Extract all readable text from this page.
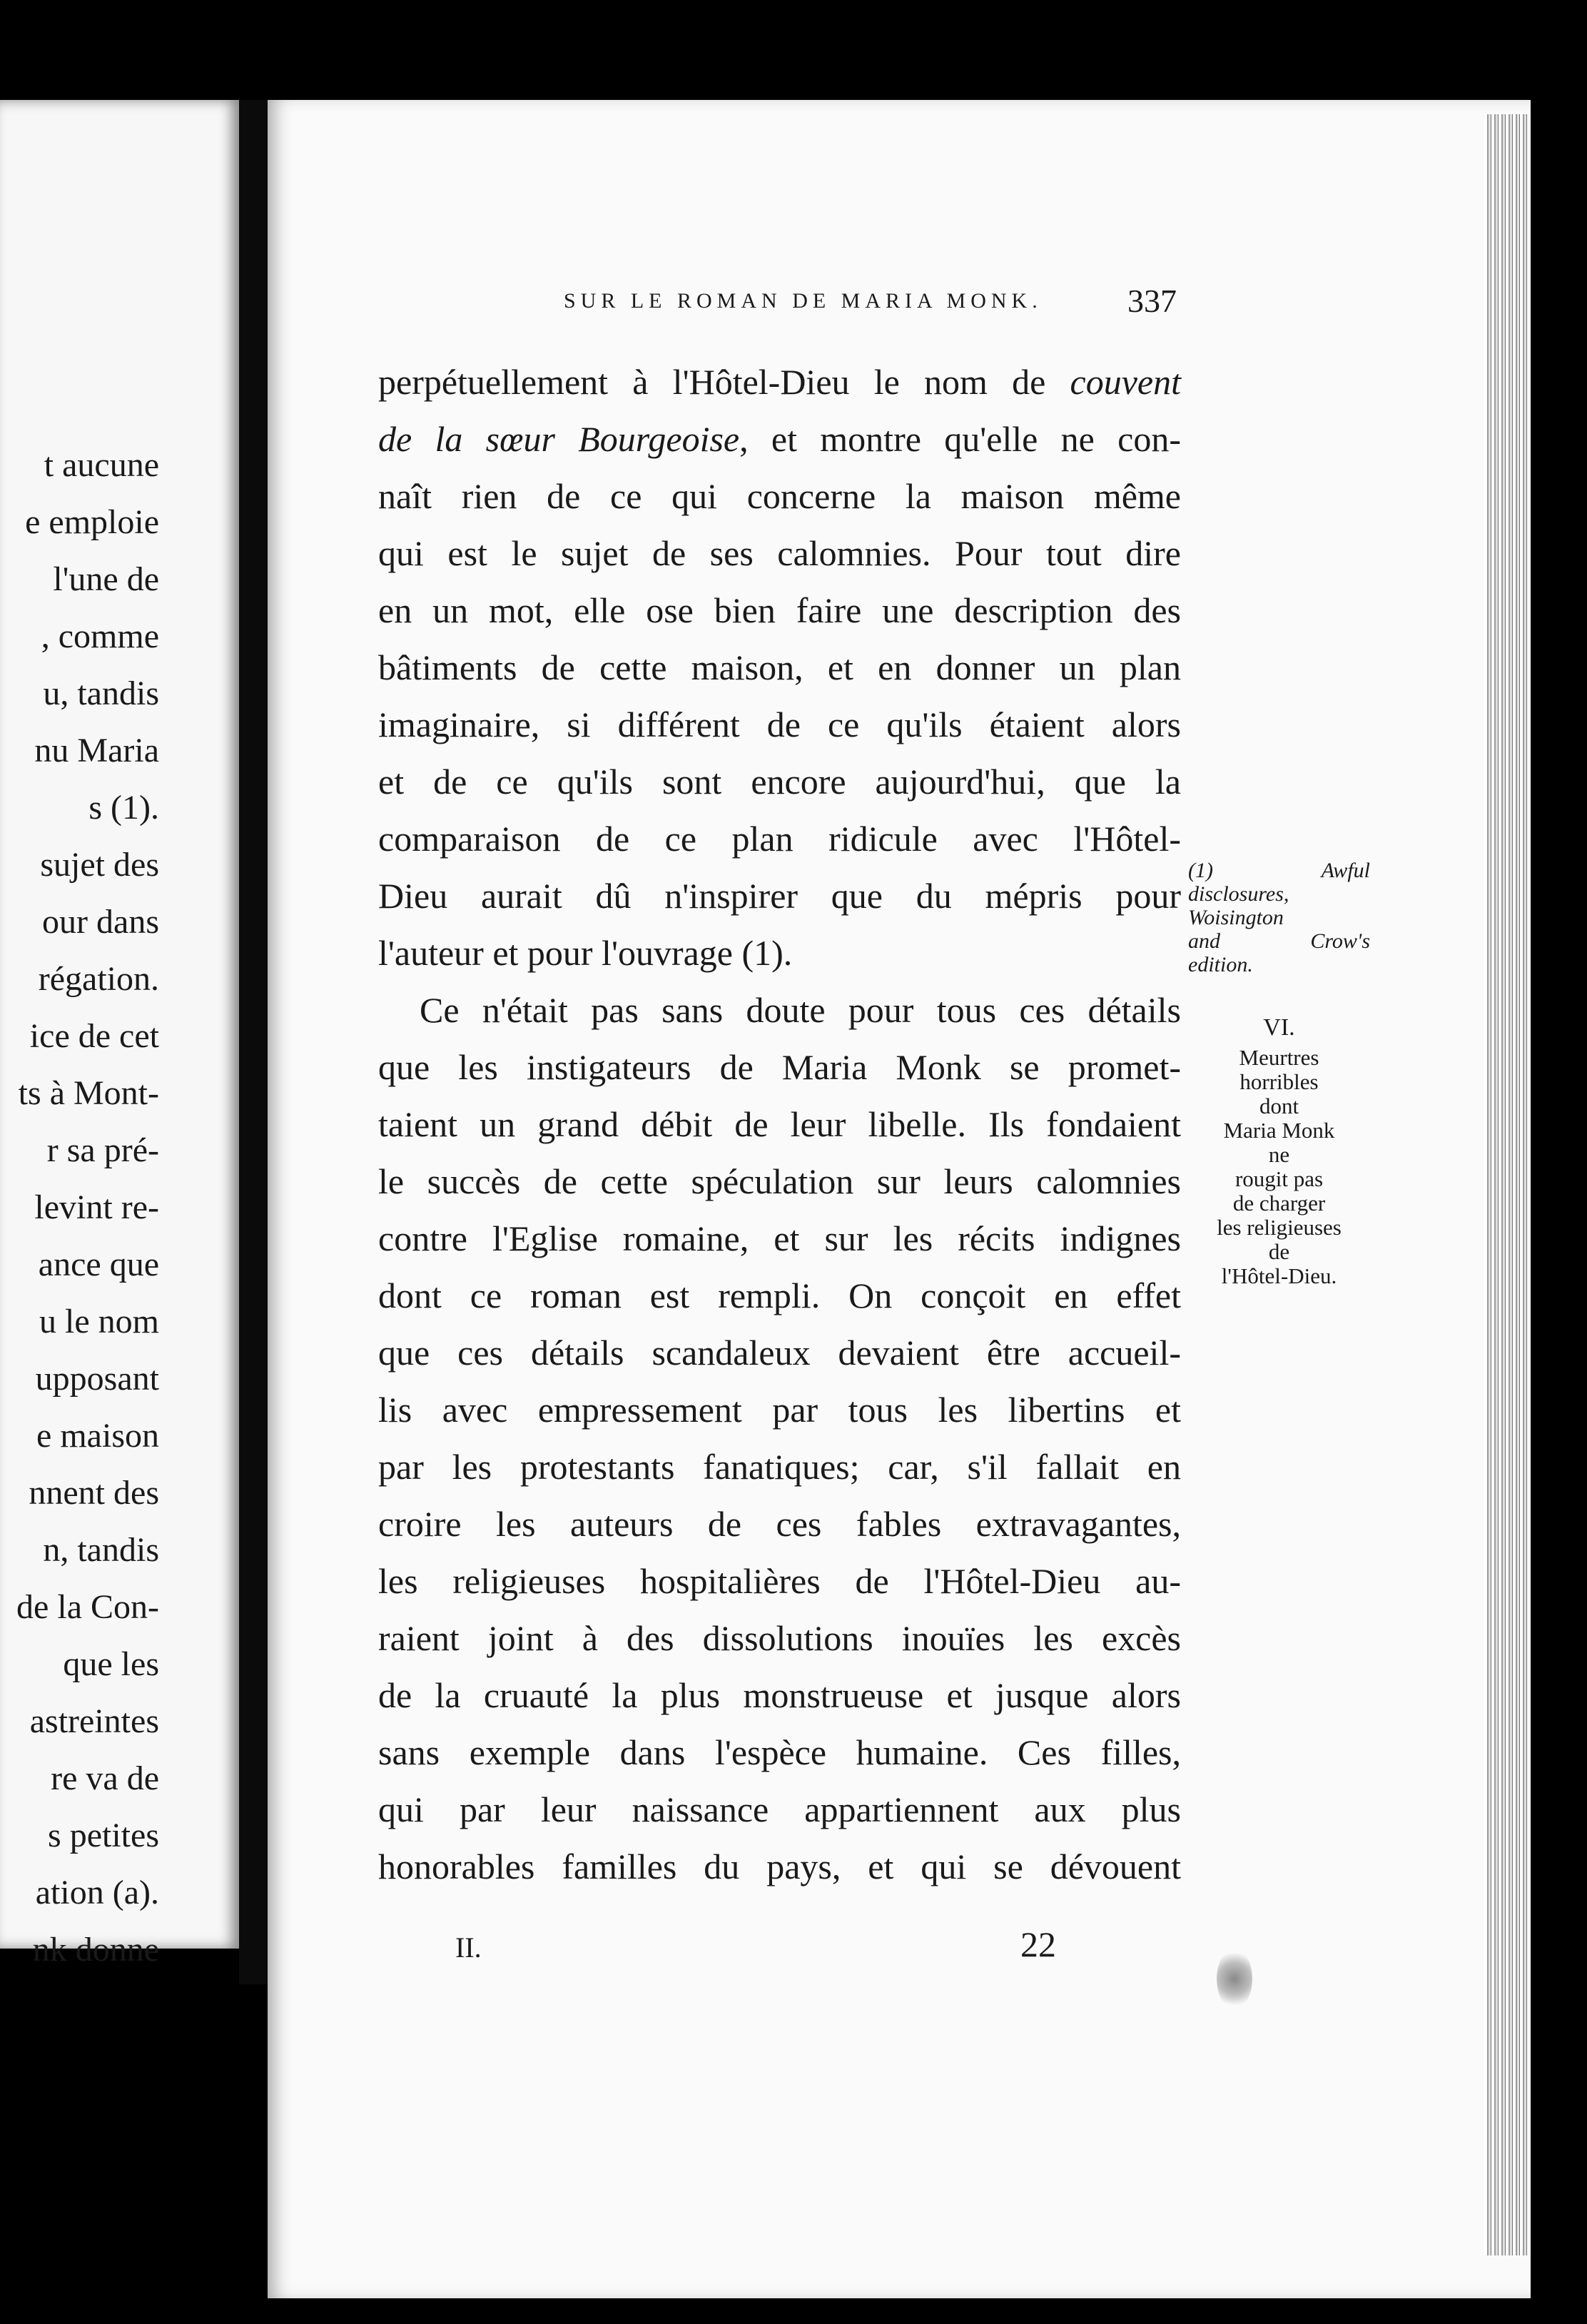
t aucune
e emploie
l'une de
, comme
u, tandis
nu Maria
s (1).
sujet des
our dans
régation.
ice de cet
ts à Mont-
r sa pré-
levint re-
ance que
u le nom
upposant
e maison
nnent des
n, tandis
de la Con-
que les
astreintes
re va de
s petites
ation (a).
nk donne
SUR LE ROMAN DE MARIA MONK.	337
perpétuellement à l'Hôtel-Dieu le nom de couvent
de la sœur Bourgeoise, et montre qu'elle ne con-
naît rien de ce qui concerne la maison même
qui est le sujet de ses calomnies. Pour tout dire
en un mot, elle ose bien faire une description des
bâtiments de cette maison, et en donner un plan
imaginaire, si différent de ce qu'ils étaient alors
et de ce qu'ils sont encore aujourd'hui, que la
comparaison de ce plan ridicule avec l'Hôtel-
Dieu aurait dû n'inspirer que du mépris pour
l'auteur et pour l'ouvrage (1).
Ce n'était pas sans doute pour tous ces détails
que les instigateurs de Maria Monk se promet-
taient un grand débit de leur libelle. Ils fondaient
le succès de cette spéculation sur leurs calomnies
contre l'Eglise romaine, et sur les récits indignes
dont ce roman est rempli. On conçoit en effet
que ces détails scandaleux devaient être accueil-
lis avec empressement par tous les libertins et
par les protestants fanatiques; car, s'il fallait en
croire les auteurs de ces fables extravagantes,
les religieuses hospitalières de l'Hôtel-Dieu au-
raient joint à des dissolutions inouïes les excès
de la cruauté la plus monstrueuse et jusque alors
sans exemple dans l'espèce humaine. Ces filles,
qui par leur naissance appartiennent aux plus
honorables familles du pays, et qui se dévouent
(1) Awful
disclosures,
Woisington
and Crow's
edition.
VI.
Meurtres
horribles
dont
Maria Monk
ne
rougit pas
de charger
les religieuses
de
l'Hôtel-Dieu.
II.	22
